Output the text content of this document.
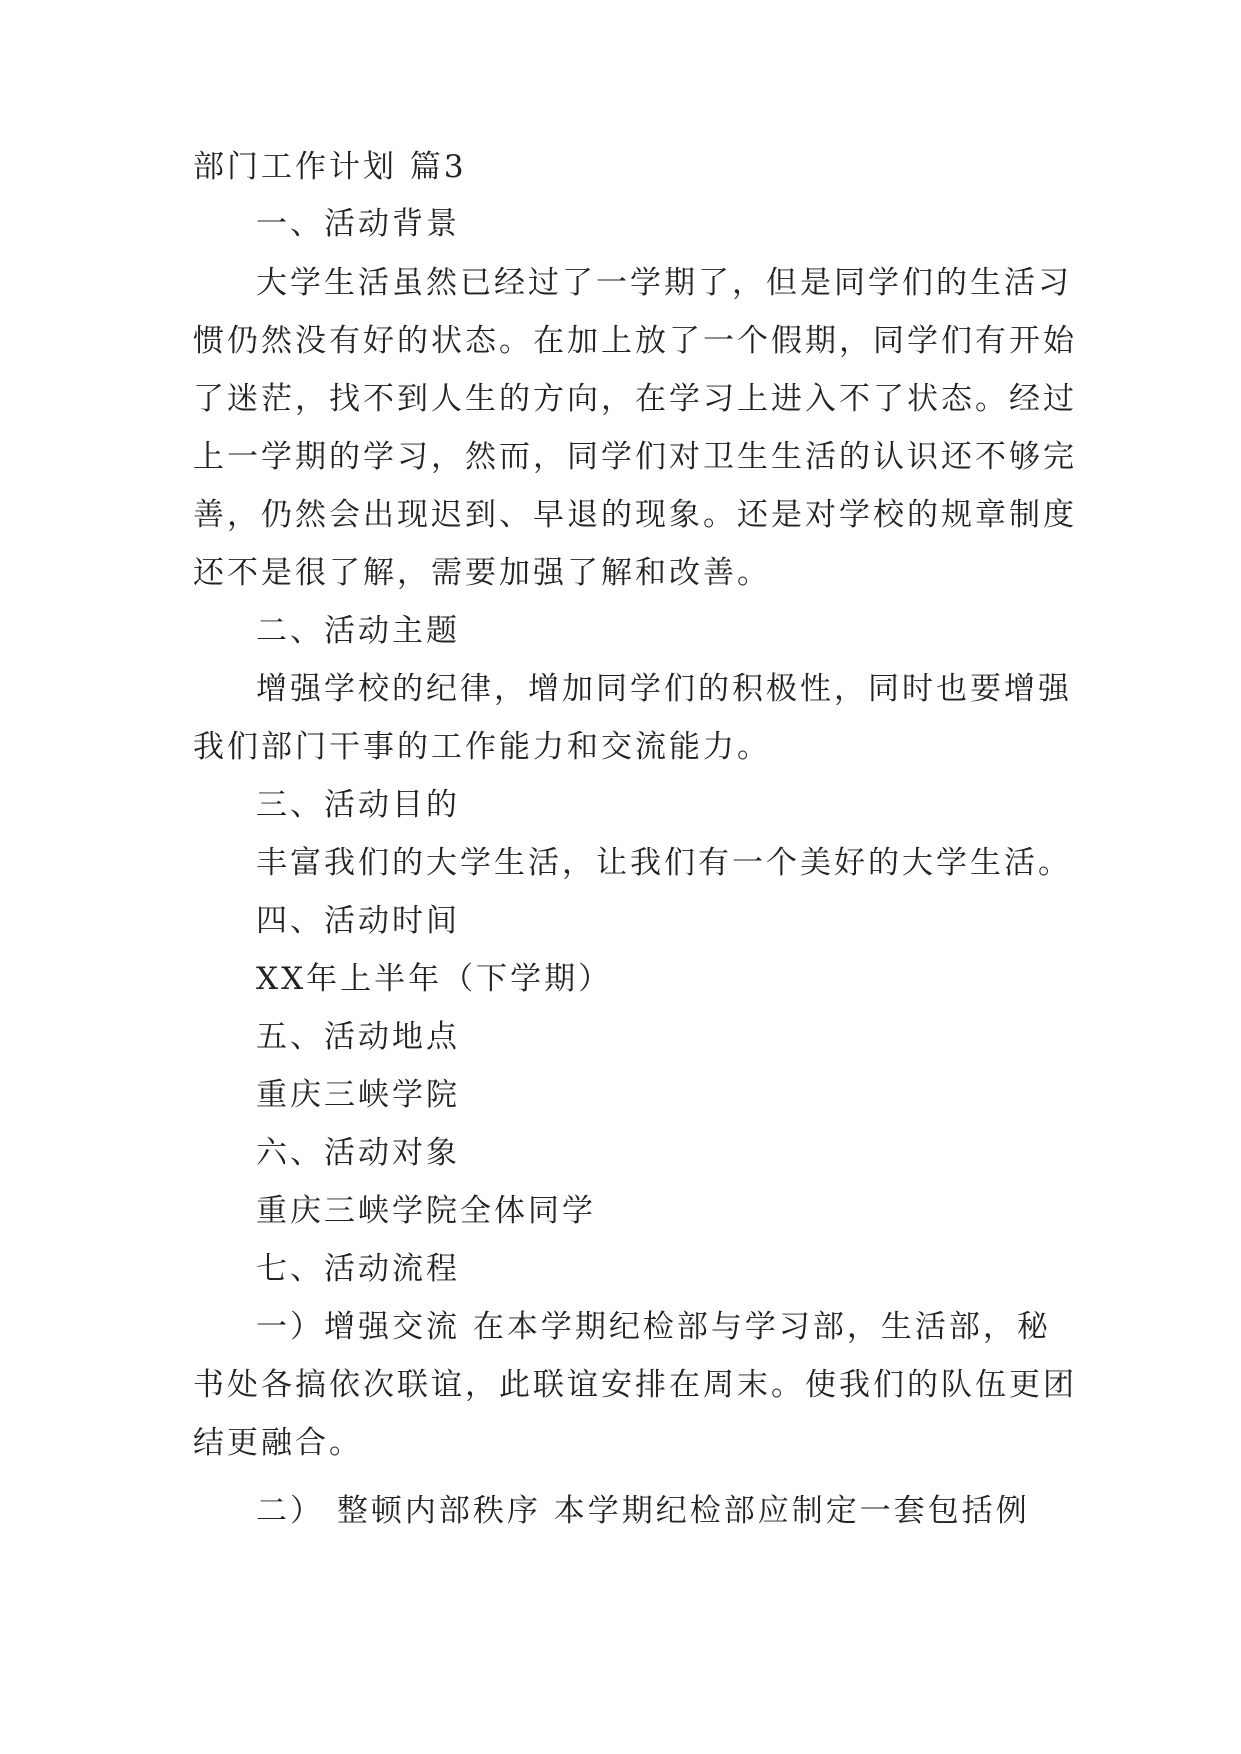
部门工作计划 篇3
一、活动背景
大学生活虽然已经过了一学期了，但是同学们的生活习
惯仍然没有好的状态。在加上放了一个假期，同学们有开始
了迷茫，找不到人生的方向，在学习上进入不了状态。经过
上一学期的学习，然而，同学们对卫生生活的认识还不够完
善，仍然会出现迟到、早退的现象。还是对学校的规章制度
还不是很了解，需要加强了解和改善。
二、活动主题
增强学校的纪律，增加同学们的积极性，同时也要增强
我们部门干事的工作能力和交流能力。
三、活动目的
丰富我们的大学生活，让我们有一个美好的大学生活。
四、活动时间
XX年上半年（下学期）
五、活动地点
重庆三峡学院
六、活动对象
重庆三峡学院全体同学
七、活动流程
一）增强交流 在本学期纪检部与学习部，生活部，秘
书处各搞依次联谊，此联谊安排在周末。使我们的队伍更团
结更融合。
二） 整顿内部秩序 本学期纪检部应制定一套包括例
